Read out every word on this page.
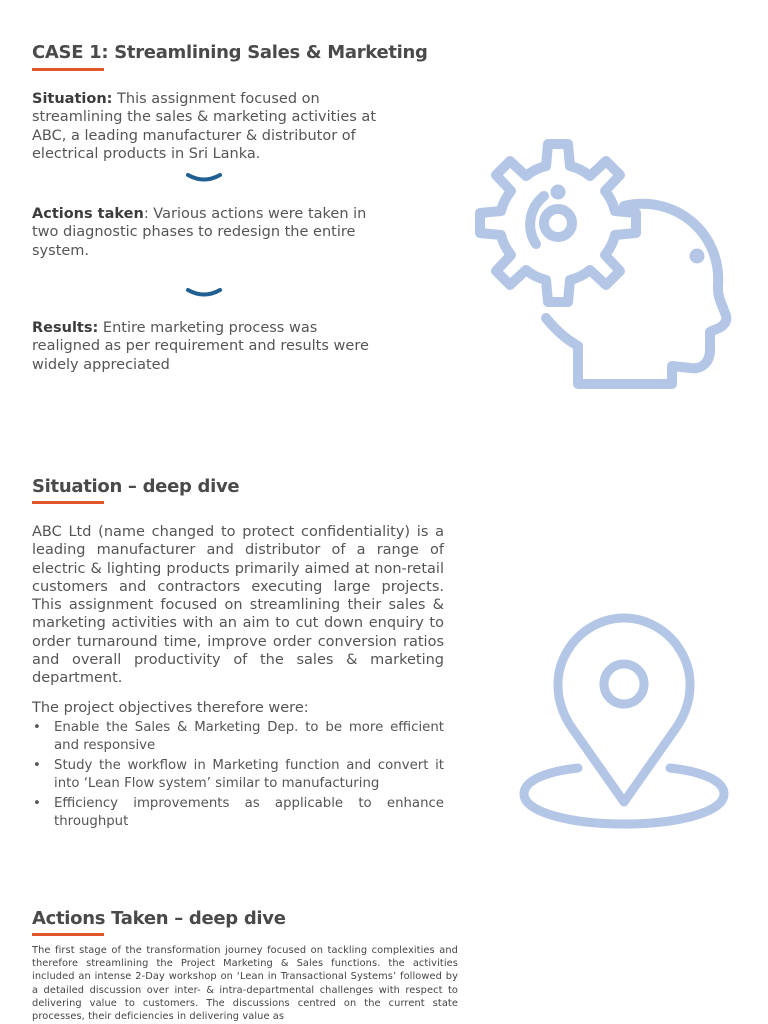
CASE 1: Streamlining Sales & Marketing

Situation: This assignment focused on streamlining the sales & marketing activities at ABC, a leading manufacturer & distributor of electrical products in Sri Lanka.

Actions taken: Various actions were taken in two diagnostic phases to redesign the entire system.

Results: Entire marketing process was realigned as per requirement and results were widely appreciated

Situation – deep dive

ABC Ltd (name changed to protect confidentiality) is a leading manufacturer and distributor of a range of electric & lighting products primarily aimed at non-retail customers and contractors executing large projects. This assignment focused on streamlining their sales & marketing activities with an aim to cut down enquiry to order turnaround time, improve order conversion ratios and overall productivity of the sales & marketing department.

The project objectives therefore were:

• Enable the Sales & Marketing Dep. to be more efficient and responsive
• Study the workflow in Marketing function and convert it into ‘Lean Flow system’ similar to manufacturing
• Efficiency improvements as applicable to enhance throughput
Actions Taken – deep dive

The first stage of the transformation journey focused on tackling complexities and therefore streamlining the Project Marketing & Sales functions. the activities included an intense 2-Day workshop on ‘Lean in Transactional Systems’ followed by a detailed discussion over inter- & intra-departmental challenges with respect to delivering value to customers. The discussions centred on the current state processes, their deficiencies in delivering value as
